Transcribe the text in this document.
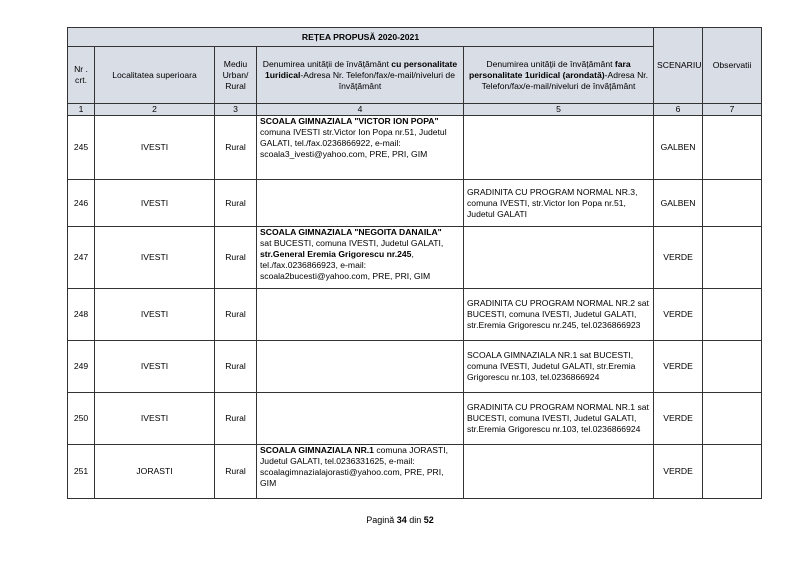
REȚEA PROPUSĂ 2020-2021					SCENARIU	Observatii
Nr . crt.	Localitatea superioara	Mediu Urban/ Rural	Denumirea unității de învățământ cu personalitate 1uridical-Adresa Nr. Telefon/fax/e-mail/niveluri de învățământ	Denumirea unității de învățământ fara personalitate 1uridical (arondată)-Adresa Nr. Telefon/fax/e-mail/niveluri de învățământ		
1	2	3	4	5	6	7
245	IVESTI	Rural	SCOALA GIMNAZIALA "VICTOR ION POPA"
comuna IVESTI str.Victor Ion Popa nr.51, Judetul GALATI, tel./fax.0236866922, e-mail: scoala3_ivesti@yahoo.com, PRE, PRI, GIM		GALBEN	
246	IVESTI	Rural		GRADINITA CU PROGRAM NORMAL NR.3, comuna IVESTI, str.Victor Ion Popa nr.51, Judetul GALATI	GALBEN	
247	IVESTI	Rural	SCOALA GIMNAZIALA "NEGOITA DANAILA"
sat BUCESTI, comuna IVESTI, Judetul GALATI, str.General Eremia Grigorescu nr.245, tel./fax.0236866923, e-mail: scoala2bucesti@yahoo.com, PRE, PRI, GIM		VERDE	
248	IVESTI	Rural		GRADINITA CU PROGRAM NORMAL NR.2 sat BUCESTI, comuna IVESTI, Judetul GALATI, str.Eremia Grigorescu nr.245, tel.0236866923	VERDE	
249	IVESTI	Rural		SCOALA GIMNAZIALA NR.1 sat BUCESTI, comuna IVESTI, Judetul GALATI, str.Eremia Grigorescu nr.103, tel.0236866924	VERDE	
250	IVESTI	Rural		GRADINITA CU PROGRAM NORMAL NR.1 sat BUCESTI, comuna IVESTI, Judetul GALATI, str.Eremia Grigorescu nr.103, tel.0236866924	VERDE	
251	JORASTI	Rural	SCOALA GIMNAZIALA NR.1 comuna JORASTI, Judetul GALATI, tel.0236331625, e-mail: scoalagimnazialajorasti@yahoo.com, PRE, PRI, GIM		VERDE	
Pagină 34 din 52
